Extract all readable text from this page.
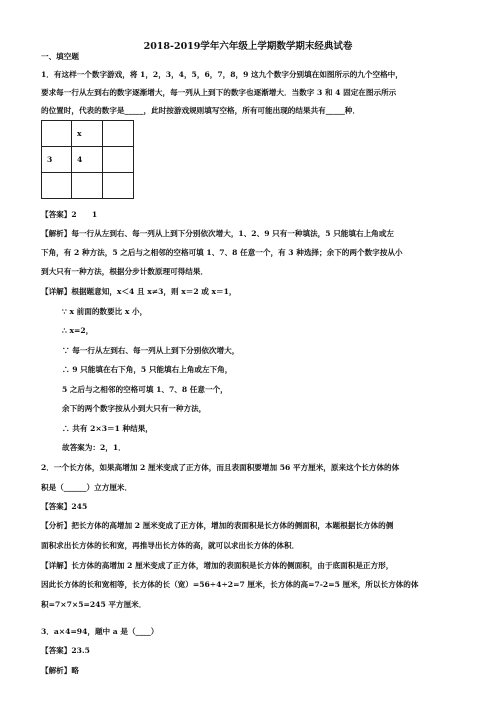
2018-2019学年六年级上学期数学期末经典试卷
一、填空题
1．有这样一个数字游戏，将 1，2，3，4，5，6，7，8，9 这九个数字分别填在如图所示的九个空格中，
要求每一行从左到右的数字逐渐增大，每一列从上到下的数字也逐渐增大．当数字 3 和 4 固定在图示所示
的位置时，代表的数字是_____，此时按游戏规则填写空格，所有可能出现的结果共有_____种．
	x	
3	4	

【答案】2　　1
【解析】每一行从左到右、每一列从上到下分别依次增大，1、2、9 只有一种填法，5 只能填右上角或左
下角，有 2 种方法，5 之后与之相邻的空格可填 1、7、8 任意一个，有 3 种选择；余下的两个数字按从小
到大只有一种方法，根据分步计数原理可得结果．
【详解】根据题意知，x＜4 且 x≠3，则 x＝2 或 x＝1，
∵ x 前面的数要比 x 小，
∴ x=2，
∵ 每一行从左到右、每一列从上到下分别依次增大，
∴ 9 只能填在右下角，5 只能填右上角或左下角，
5 之后与之相邻的空格可填 1、7、8 任意一个，
余下的两个数字按从小到大只有一种方法，
∴ 共有 2×3＝1 种结果，
故答案为：2，1．
2．一个长方体，如果高增加 2 厘米变成了正方体，而且表面积要增加 56 平方厘米，原来这个长方体的体
积是（______）立方厘米．
【答案】245
【分析】把长方体的高增加 2 厘米变成了正方体，增加的表面积是长方体的侧面积，本题根据长方体的侧
面积求出长方体的长和宽，再推导出长方体的高，就可以求出长方体的体积．
【详解】长方体的高增加 2 厘米变成了正方体，增加的表面积是长方体的侧面积，由于底面积是正方形，
因此长方体的长和宽相等，长方体的长（宽）=56÷4÷2=7 厘米，长方体的高=7-2=5 厘米，所以长方体的体
积=7×7×5=245 平方厘米．
3．a×4=94，题中 a 是（____）
【答案】23.5
【解析】略
